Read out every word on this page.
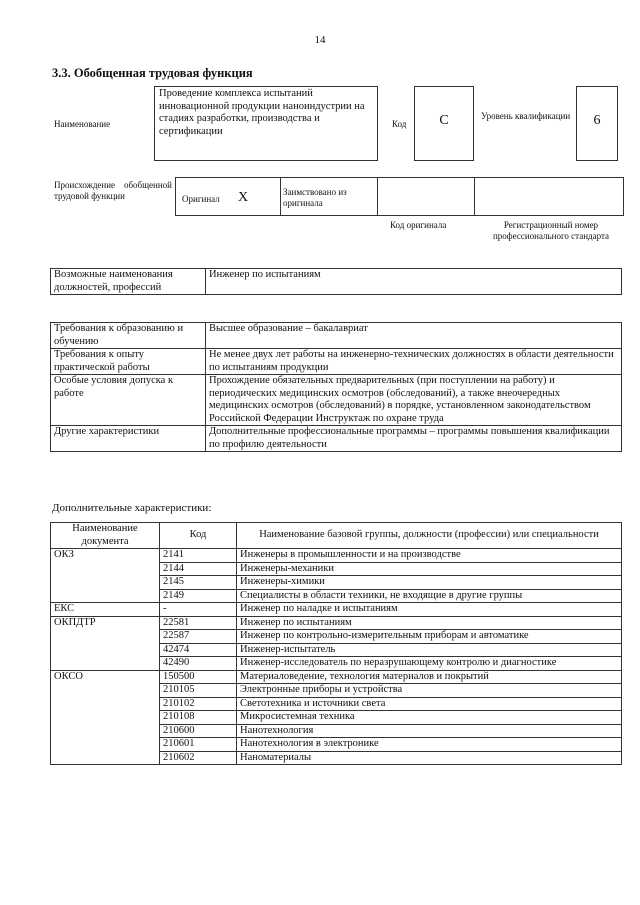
14
3.3. Обобщенная трудовая функция
Наименование
Проведение комплекса испытаний инновационной продукции наноиндустрии на стадиях разработки, производства и сертификации
Код	C	Уровень квалификации	6
Происхождение обобщенной трудовой функции	Оригинал X	Заимствовано из оригинала
Код оригинала	Регистрационный номер профессионального стандарта
Возможные наименования должностей, профессий	Инженер по испытаниям
Требования к образованию и обучению	Высшее образование – бакалавриат
Требования к опыту практической работы	Не менее двух лет работы на инженерно-технических должностях в области деятельности по испытаниям продукции
Особые условия допуска к работе	Прохождение обязательных предварительных (при поступлении на работу) и периодических медицинских осмотров (обследований), а также внеочередных медицинских осмотров (обследований) в порядке, установленном законодательством Российской Федерации Инструктаж по охране труда
Другие характеристики	Дополнительные профессиональные программы – программы повышения квалификации по профилю деятельности
Дополнительные характеристики:
Наименование документа	Код	Наименование базовой группы, должности (профессии) или специальности
ОКЗ	2141	Инженеры в промышленности и на производстве
	2144	Инженеры-механики
	2145	Инженеры-химики
	2149	Специалисты в области техники, не входящие в другие группы
ЕКС	-	Инженер по наладке и испытаниям
ОКПДТР	22581	Инженер по испытаниям
	22587	Инженер по контрольно-измерительным приборам и автоматике
	42474	Инженер-испытатель
	42490	Инженер-исследователь по неразрушающему контролю и диагностике
ОКСО	150500	Материаловедение, технология материалов и покрытий
	210105	Электронные приборы и устройства
	210102	Светотехника и источники света
	210108	Микросистемная техника
	210600	Нанотехнология
	210601	Нанотехнология в электронике
	210602	Наноматериалы
